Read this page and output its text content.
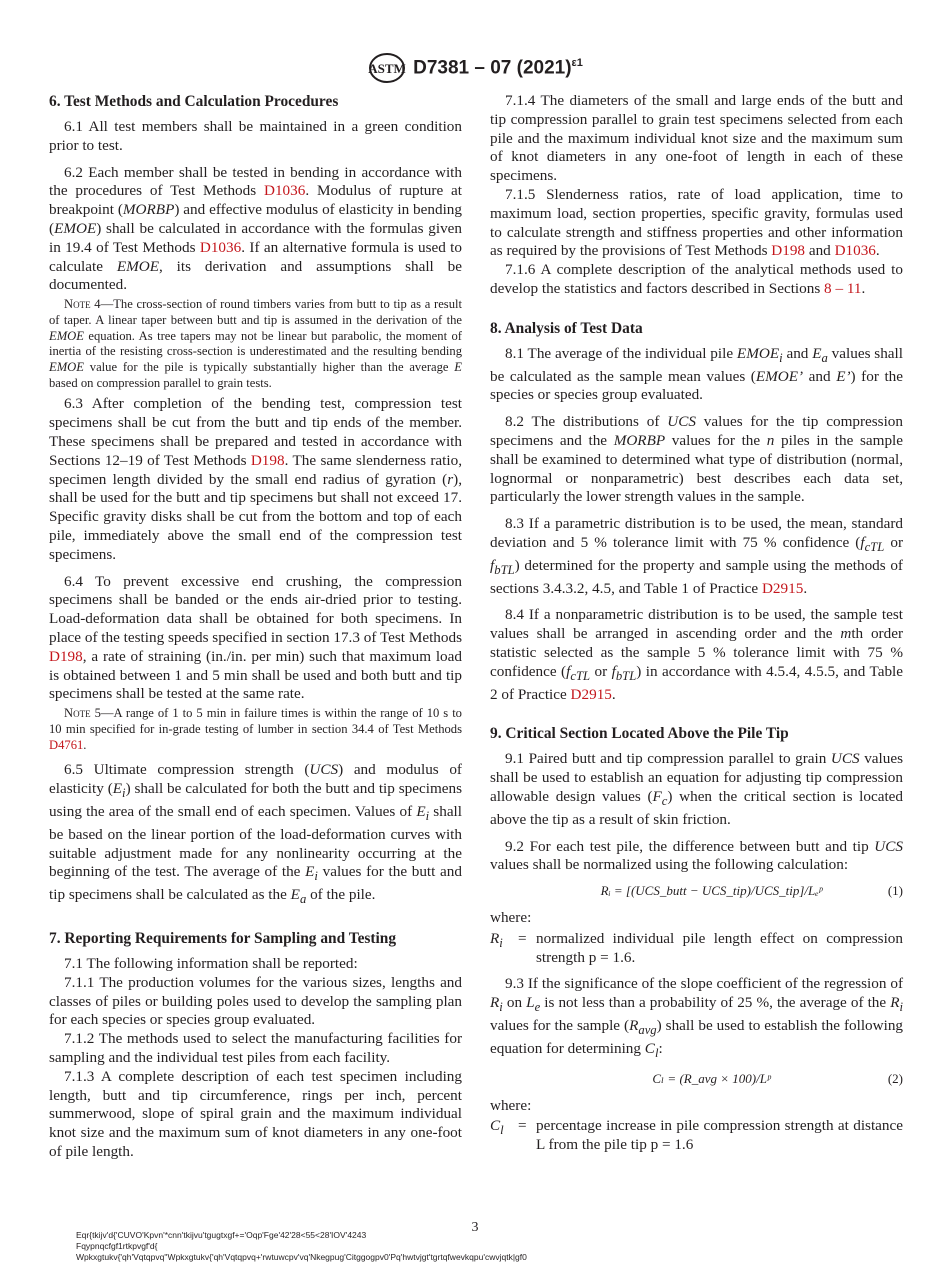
ASTM D7381 – 07 $(2021)^{\varepsilon 1}$
6. Test Methods and Calculation Procedures

6.1 All test members shall be maintained in a green condition prior to test.

6.2 Each member shall be tested in bending in accordance with the procedures of Test Methods D1036. Modulus of rupture at breakpoint (MORBP) and effective modulus of elasticity in bending (EMOE) shall be calculated in accordance with the formulas given in 19.4 of Test Methods D1036. If an alternative formula is used to calculate EMOE, its derivation and assumptions shall be documented.

Note 4—The cross-section of round timbers varies from butt to tip as a result of taper. A linear taper between butt and tip is assumed in the derivation of the EMOE equation. As tree tapers may not be linear but parabolic, the moment of inertia of the resisting cross-section is underestimated and the resulting bending EMOE value for the pile is typically substantially higher than the average E based on compression parallel to grain tests.

6.3 After completion of the bending test, compression test specimens shall be cut from the butt and tip ends of the member. These specimens shall be prepared and tested in accordance with Sections 12–19 of Test Methods D198. The same slenderness ratio, specimen length divided by the small end radius of gyration (r), shall be used for the butt and tip specimens but shall not exceed 17. Specific gravity disks shall be cut from the bottom and top of each pile, immediately above the small end of the compression test specimens.

6.4 To prevent excessive end crushing, the compression specimens shall be banded or the ends air-dried prior to testing. Load-deformation data shall be obtained for both specimens. In place of the testing speeds specified in section 17.3 of Test Methods D198, a rate of straining (in./in. per min) such that maximum load is obtained between 1 and 5 min shall be used and both butt and tip specimens shall be tested at the same rate.

Note 5—A range of 1 to 5 min in failure times is within the range of 10 s to 10 min specified for in-grade testing of lumber in section 34.4 of Test Methods D4761.

6.5 Ultimate compression strength (UCS) and modulus of elasticity $(E_i)$ shall be calculated for both the butt and tip specimens using the area of the small end of each specimen. Values of $E_i$ shall be based on the linear portion of the load-deformation curves with suitable adjustment made for any nonlinearity occurring at the beginning of the test. The average of the $E_i$ values for the butt and tip specimens shall be calculated as the $E_a$ of the pile.

7. Reporting Requirements for Sampling and Testing

7.1 The following information shall be reported:

7.1.1 The production volumes for the various sizes, lengths and classes of piles or building poles used to develop the sampling plan for each species or species group evaluated.

7.1.2 The methods used to select the manufacturing facilities for sampling and the individual test piles from each facility.

7.1.3 A complete description of each test specimen including length, butt and tip circumference, rings per inch, percent summerwood, slope of spiral grain and the maximum individual knot size and the maximum sum of knot diameters in any one-foot of pile length.

7.1.4 The diameters of the small and large ends of the butt and tip compression parallel to grain test specimens selected from each pile and the maximum individual knot size and the maximum sum of knot diameters in any one-foot of length in each of these specimens.

7.1.5 Slenderness ratios, rate of load application, time to maximum load, section properties, specific gravity, formulas used to calculate strength and stiffness properties and other information as required by the provisions of Test Methods D198 and D1036.

7.1.6 A complete description of the analytical methods used to develop the statistics and factors described in Sections 8 – 11.

8. Analysis of Test Data

8.1 The average of the individual pile $EMOE_i$ and $E_a$ values shall be calculated as the sample mean values (EMOE’ and E’) for the species or species group evaluated.

8.2 The distributions of UCS values for the tip compression specimens and the MORBP values for the n piles in the sample shall be examined to determined what type of distribution (normal, lognormal or nonparametric) best describes each data set, particularly the lower strength values in the sample.

8.3 If a parametric distribution is to be used, the mean, standard deviation and 5 % tolerance limit with 75 % confidence ($f_{cTL}$ or $f_{bTL}$) determined for the property and sample using the methods of sections 3.4.3.2, 4.5, and Table 1 of Practice D2915.

8.4 If a nonparametric distribution is to be used, the sample test values shall be arranged in ascending order and the mth order statistic selected as the sample 5 % tolerance limit with 75 % confidence ($f_{cTL}$ or $f_{bTL}$) in accordance with 4.5.4, 4.5.5, and Table 2 of Practice D2915.

9. Critical Section Located Above the Pile Tip

9.1 Paired butt and tip compression parallel to grain UCS values shall be used to establish an equation for adjusting tip compression allowable design values $(F_c)$ when the critical section is located above the tip as a result of skin friction.

9.2 For each test pile, the difference between butt and tip UCS values shall be normalized using the following calculation:

Rᵢ = [(UCS_butt − UCS_tip)/UCS_tip]/Lₑᵖ	(1)

where:

$R_i$ = normalized individual pile length effect on compression strength p = 1.6.

9.3 If the significance of the slope coefficient of the regression of $R_i$ on $L_e$ is not less than a probability of 25 %, the average of the $R_i$ values for the sample $(R_{avg})$ shall be used to establish the following equation for determining $C_l$:

Cₗ = (R_avg × 100)/Lᵖ	(2)

where:

$C_l$ = percentage increase in pile compression strength at distance L from the pile tip p = 1.6
3
Eqr{tkijv'd{'CUVO'Kpvn'*cnn'tkijvu'tgugtxgf+='Oqp'Fge'42'28<55<28'IOV'4243
Fqypnqcfgf1rtkpvgf'd{
Wpkxgtukv{'qh'Vqtqpvq''Wpkxgtukv{'qh'Vqtqpvq+'rwtuwcpv'vq'Nkegpug'Citggogpv0'Pq'hwtvjgt'tgrtqfwevkqpu'cwvjqtk|gf0
